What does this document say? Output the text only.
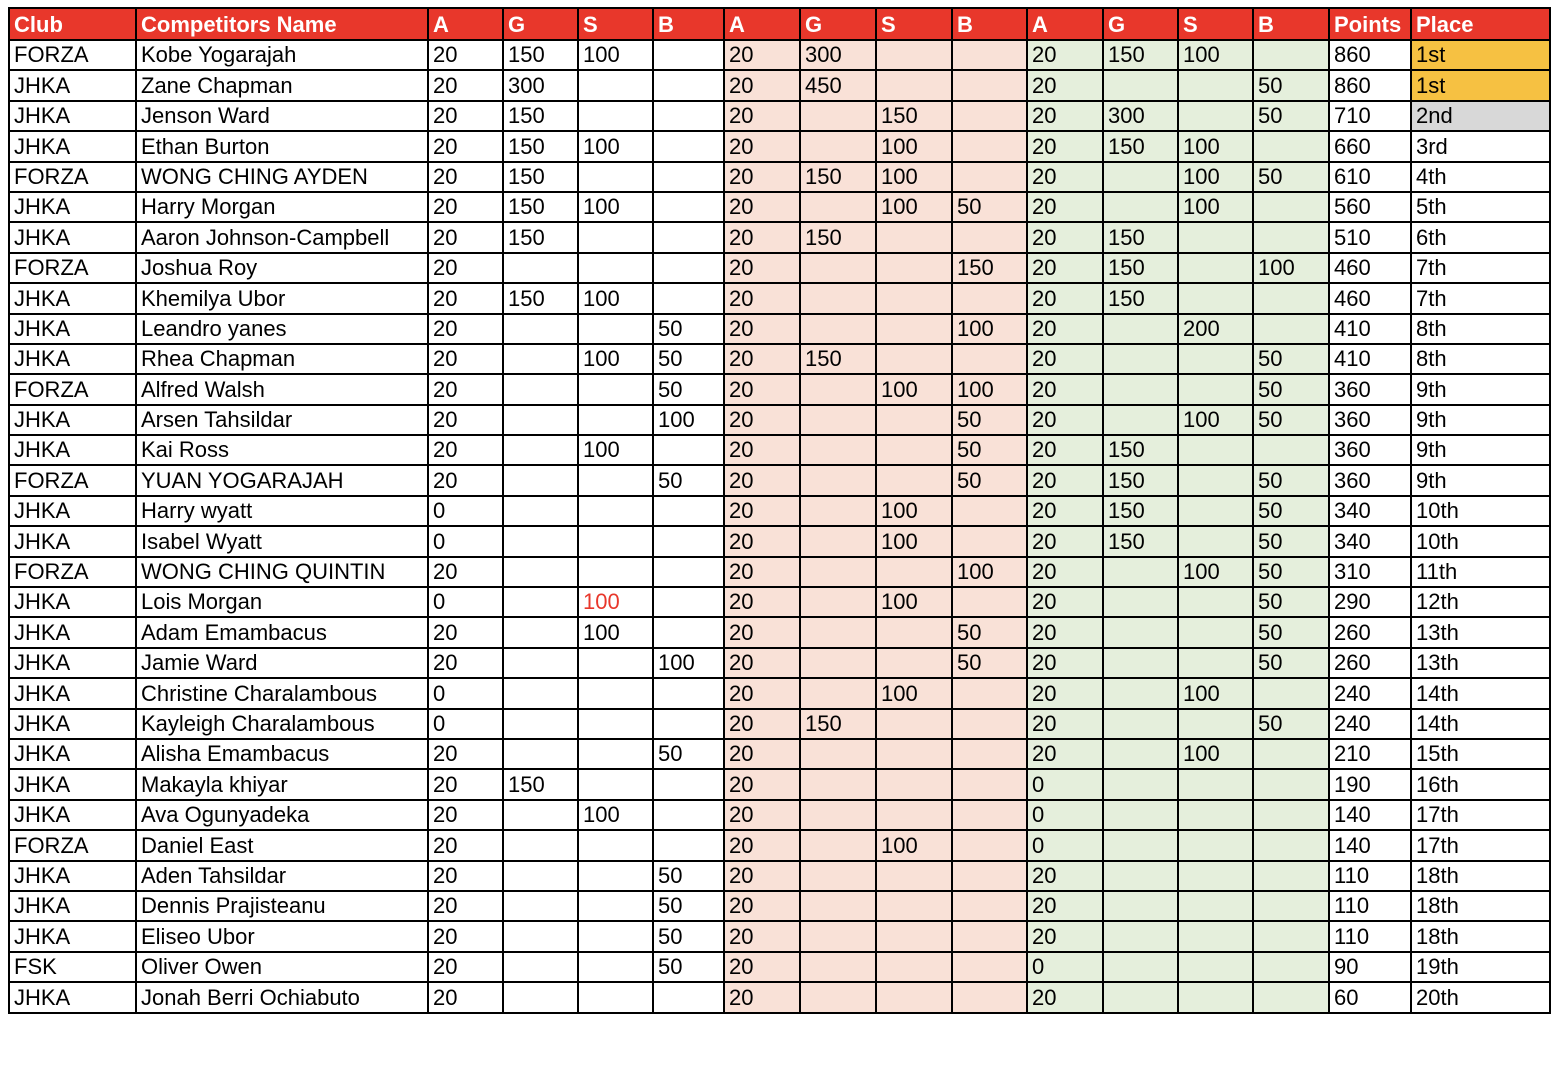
Club	Competitors Name	A	G	S	B	A	G	S	B	A	G	S	B	Points	Place
FORZA	Kobe Yogarajah	20	150	100		20	300			20	150	100		860	1st
JHKA	Zane Chapman	20	300			20	450			20			50	860	1st
JHKA	Jenson Ward	20	150			20		150		20	300		50	710	2nd
JHKA	Ethan Burton	20	150	100		20		100		20	150	100		660	3rd
FORZA	WONG CHING AYDEN	20	150			20	150	100		20		100	50	610	4th
JHKA	Harry Morgan	20	150	100		20		100	50	20		100		560	5th
JHKA	Aaron Johnson-Campbell	20	150			20	150			20	150			510	6th
FORZA	Joshua Roy	20				20			150	20	150		100	460	7th
JHKA	Khemilya Ubor	20	150	100		20				20	150			460	7th
JHKA	Leandro yanes	20			50	20			100	20		200		410	8th
JHKA	Rhea Chapman	20		100	50	20	150			20			50	410	8th
FORZA	Alfred Walsh	20			50	20		100	100	20			50	360	9th
JHKA	Arsen Tahsildar	20			100	20			50	20		100	50	360	9th
JHKA	Kai Ross	20		100		20			50	20	150			360	9th
FORZA	YUAN YOGARAJAH	20			50	20			50	20	150		50	360	9th
JHKA	Harry wyatt	0				20		100		20	150		50	340	10th
JHKA	Isabel Wyatt	0				20		100		20	150		50	340	10th
FORZA	WONG CHING QUINTIN	20				20			100	20		100	50	310	11th
JHKA	Lois Morgan	0		100		20		100		20			50	290	12th
JHKA	Adam Emambacus	20		100		20			50	20			50	260	13th
JHKA	Jamie Ward	20			100	20			50	20			50	260	13th
JHKA	Christine Charalambous	0				20		100		20		100		240	14th
JHKA	Kayleigh Charalambous	0				20	150			20			50	240	14th
JHKA	Alisha Emambacus	20			50	20				20		100		210	15th
JHKA	Makayla khiyar	20	150			20				0				190	16th
JHKA	Ava Ogunyadeka	20		100		20				0				140	17th
FORZA	Daniel East	20				20		100		0				140	17th
JHKA	Aden Tahsildar	20			50	20				20				110	18th
JHKA	Dennis Prajisteanu	20			50	20				20				110	18th
JHKA	Eliseo Ubor	20			50	20				20				110	18th
FSK	Oliver Owen	20			50	20				0				90	19th
JHKA	Jonah Berri Ochiabuto	20				20				20				60	20th
